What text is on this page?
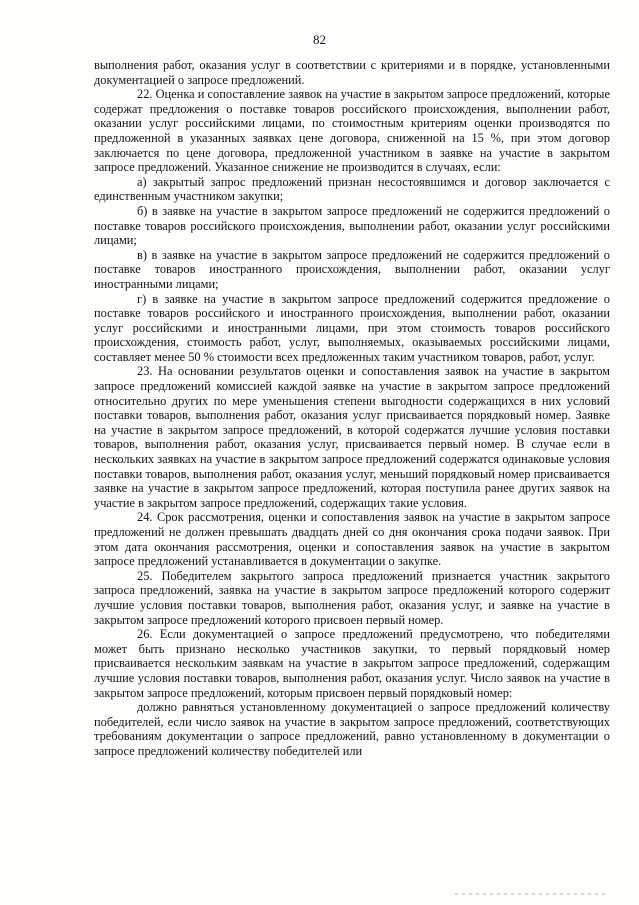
82

выполнения работ, оказания услуг в соответствии с критериями и в порядке, установленными документацией о запросе предложений.

22. Оценка и сопоставление заявок на участие в закрытом запросе предложений, которые содержат предложения о поставке товаров российского происхождения, выполнении работ, оказании услуг российскими лицами, по стоимостным критериям оценки производятся по предложенной в указанных заявках цене договора, сниженной на 15 %, при этом договор заключается по цене договора, предложенной участником в заявке на участие в закрытом запросе предложений. Указанное снижение не производится в случаях, если:

а) закрытый запрос предложений признан несостоявшимся и договор заключается с единственным участником закупки;

б) в заявке на участие в закрытом запросе предложений не содержится предложений о поставке товаров российского происхождения, выполнении работ, оказании услуг российскими лицами;

в) в заявке на участие в закрытом запросе предложений не содержится предложений о поставке товаров иностранного происхождения, выполнении работ, оказании услуг иностранными лицами;

г) в заявке на участие в закрытом запросе предложений содержится предложение о поставке товаров российского и иностранного происхождения, выполнении работ, оказании услуг российскими и иностранными лицами, при этом стоимость товаров российского происхождения, стоимость работ, услуг, выполняемых, оказываемых российскими лицами, составляет менее 50 % стоимости всех предложенных таким участником товаров, работ, услуг.

23. На основании результатов оценки и сопоставления заявок на участие в закрытом запросе предложений комиссией каждой заявке на участие в закрытом запросе предложений относительно других по мере уменьшения степени выгодности содержащихся в них условий поставки товаров, выполнения работ, оказания услуг присваивается порядковый номер. Заявке на участие в закрытом запросе предложений, в которой содержатся лучшие условия поставки товаров, выполнения работ, оказания услуг, присваивается первый номер. В случае если в нескольких заявках на участие в закрытом запросе предложений содержатся одинаковые условия поставки товаров, выполнения работ, оказания услуг, меньший порядковый номер присваивается заявке на участие в закрытом запросе предложений, которая поступила ранее других заявок на участие в закрытом запросе предложений, содержащих такие условия.

24. Срок рассмотрения, оценки и сопоставления заявок на участие в закрытом запросе предложений не должен превышать двадцать дней со дня окончания срока подачи заявок. При этом дата окончания рассмотрения, оценки и сопоставления заявок на участие в закрытом запросе предложений устанавливается в документации о закупке.

25. Победителем закрытого запроса предложений признается участник закрытого запроса предложений, заявка на участие в закрытом запросе предложений которого содержит лучшие условия поставки товаров, выполнения работ, оказания услуг, и заявке на участие в закрытом запросе предложений которого присвоен первый номер.

26. Если документацией о запросе предложений предусмотрено, что победителями может быть признано несколько участников закупки, то первый порядковый номер присваивается нескольким заявкам на участие в закрытом запросе предложений, содержащим лучшие условия поставки товаров, выполнения работ, оказания услуг. Число заявок на участие в закрытом запросе предложений, которым присвоен первый порядковый номер:

должно равняться установленному документацией о запросе предложений количеству победителей, если число заявок на участие в закрытом запросе предложений, соответствующих требованиям документации о запросе предложений, равно установленному в документации о запросе предложений количеству победителей или
